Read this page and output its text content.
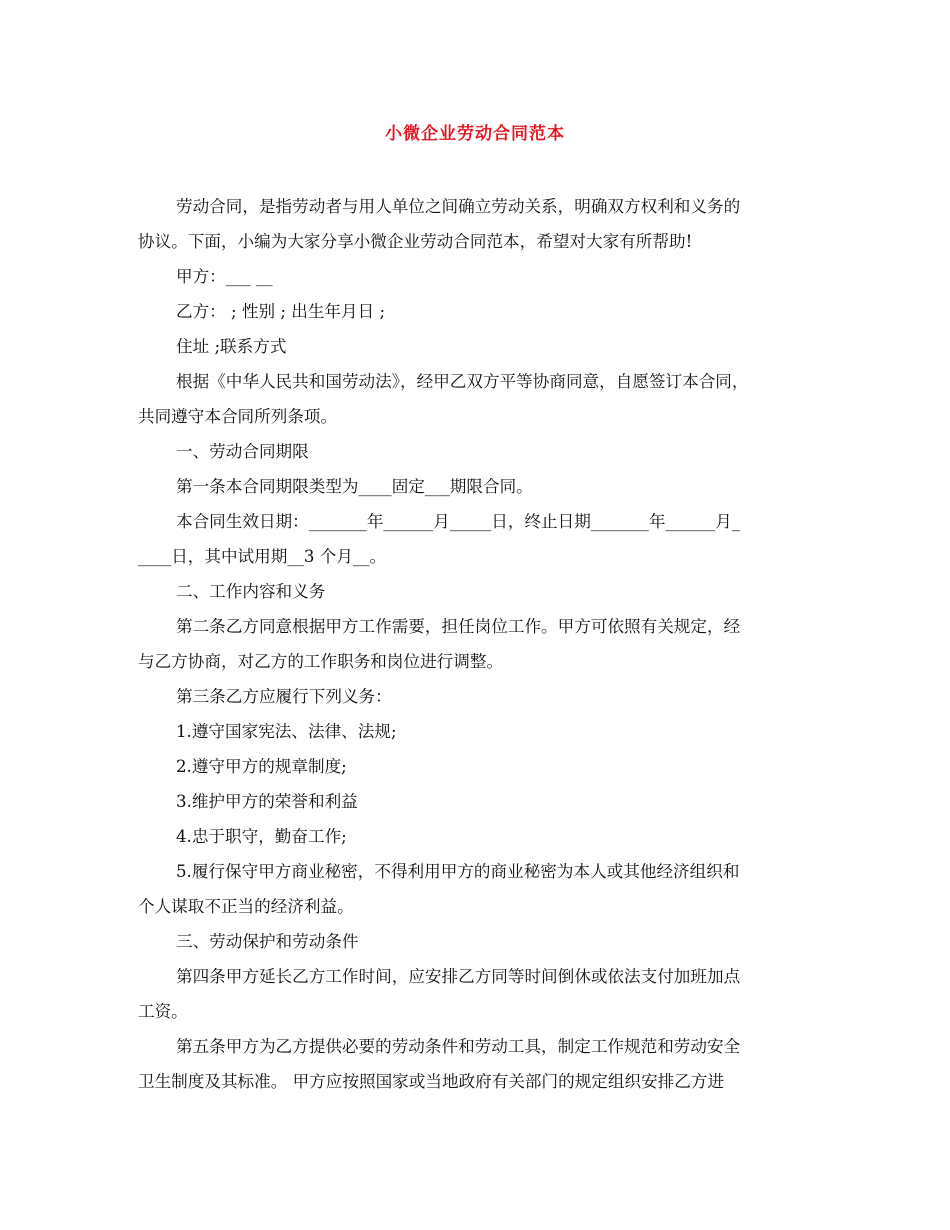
小微企业劳动合同范本
劳动合同，是指劳动者与用人单位之间确立劳动关系，明确双方权利和义务的
协议。下面，小编为大家分享小微企业劳动合同范本，希望对大家有所帮助!
甲方：___ __
乙方： ; 性别 ; 出生年月日 ;
住址 ;联系方式
根据《中华人民共和国劳动法》，经甲乙双方平等协商同意，自愿签订本合同，
共同遵守本合同所列条项。
一、劳动合同期限
第一条本合同期限类型为____固定___期限合同。
本合同生效日期：_______年______月_____日，终止日期_______年______月_
____日，其中试用期__3 个月__。
二、工作内容和义务
第二条乙方同意根据甲方工作需要，担任岗位工作。甲方可依照有关规定，经
与乙方协商，对乙方的工作职务和岗位进行调整。
第三条乙方应履行下列义务：
1.遵守国家宪法、法律、法规;
2.遵守甲方的规章制度;
3.维护甲方的荣誉和利益
4.忠于职守，勤奋工作;
5.履行保守甲方商业秘密，不得利用甲方的商业秘密为本人或其他经济组织和
个人谋取不正当的经济利益。
三、劳动保护和劳动条件
第四条甲方延长乙方工作时间，应安排乙方同等时间倒休或依法支付加班加点
工资。
第五条甲方为乙方提供必要的劳动条件和劳动工具，制定工作规范和劳动安全
卫生制度及其标准。 甲方应按照国家或当地政府有关部门的规定组织安排乙方进
